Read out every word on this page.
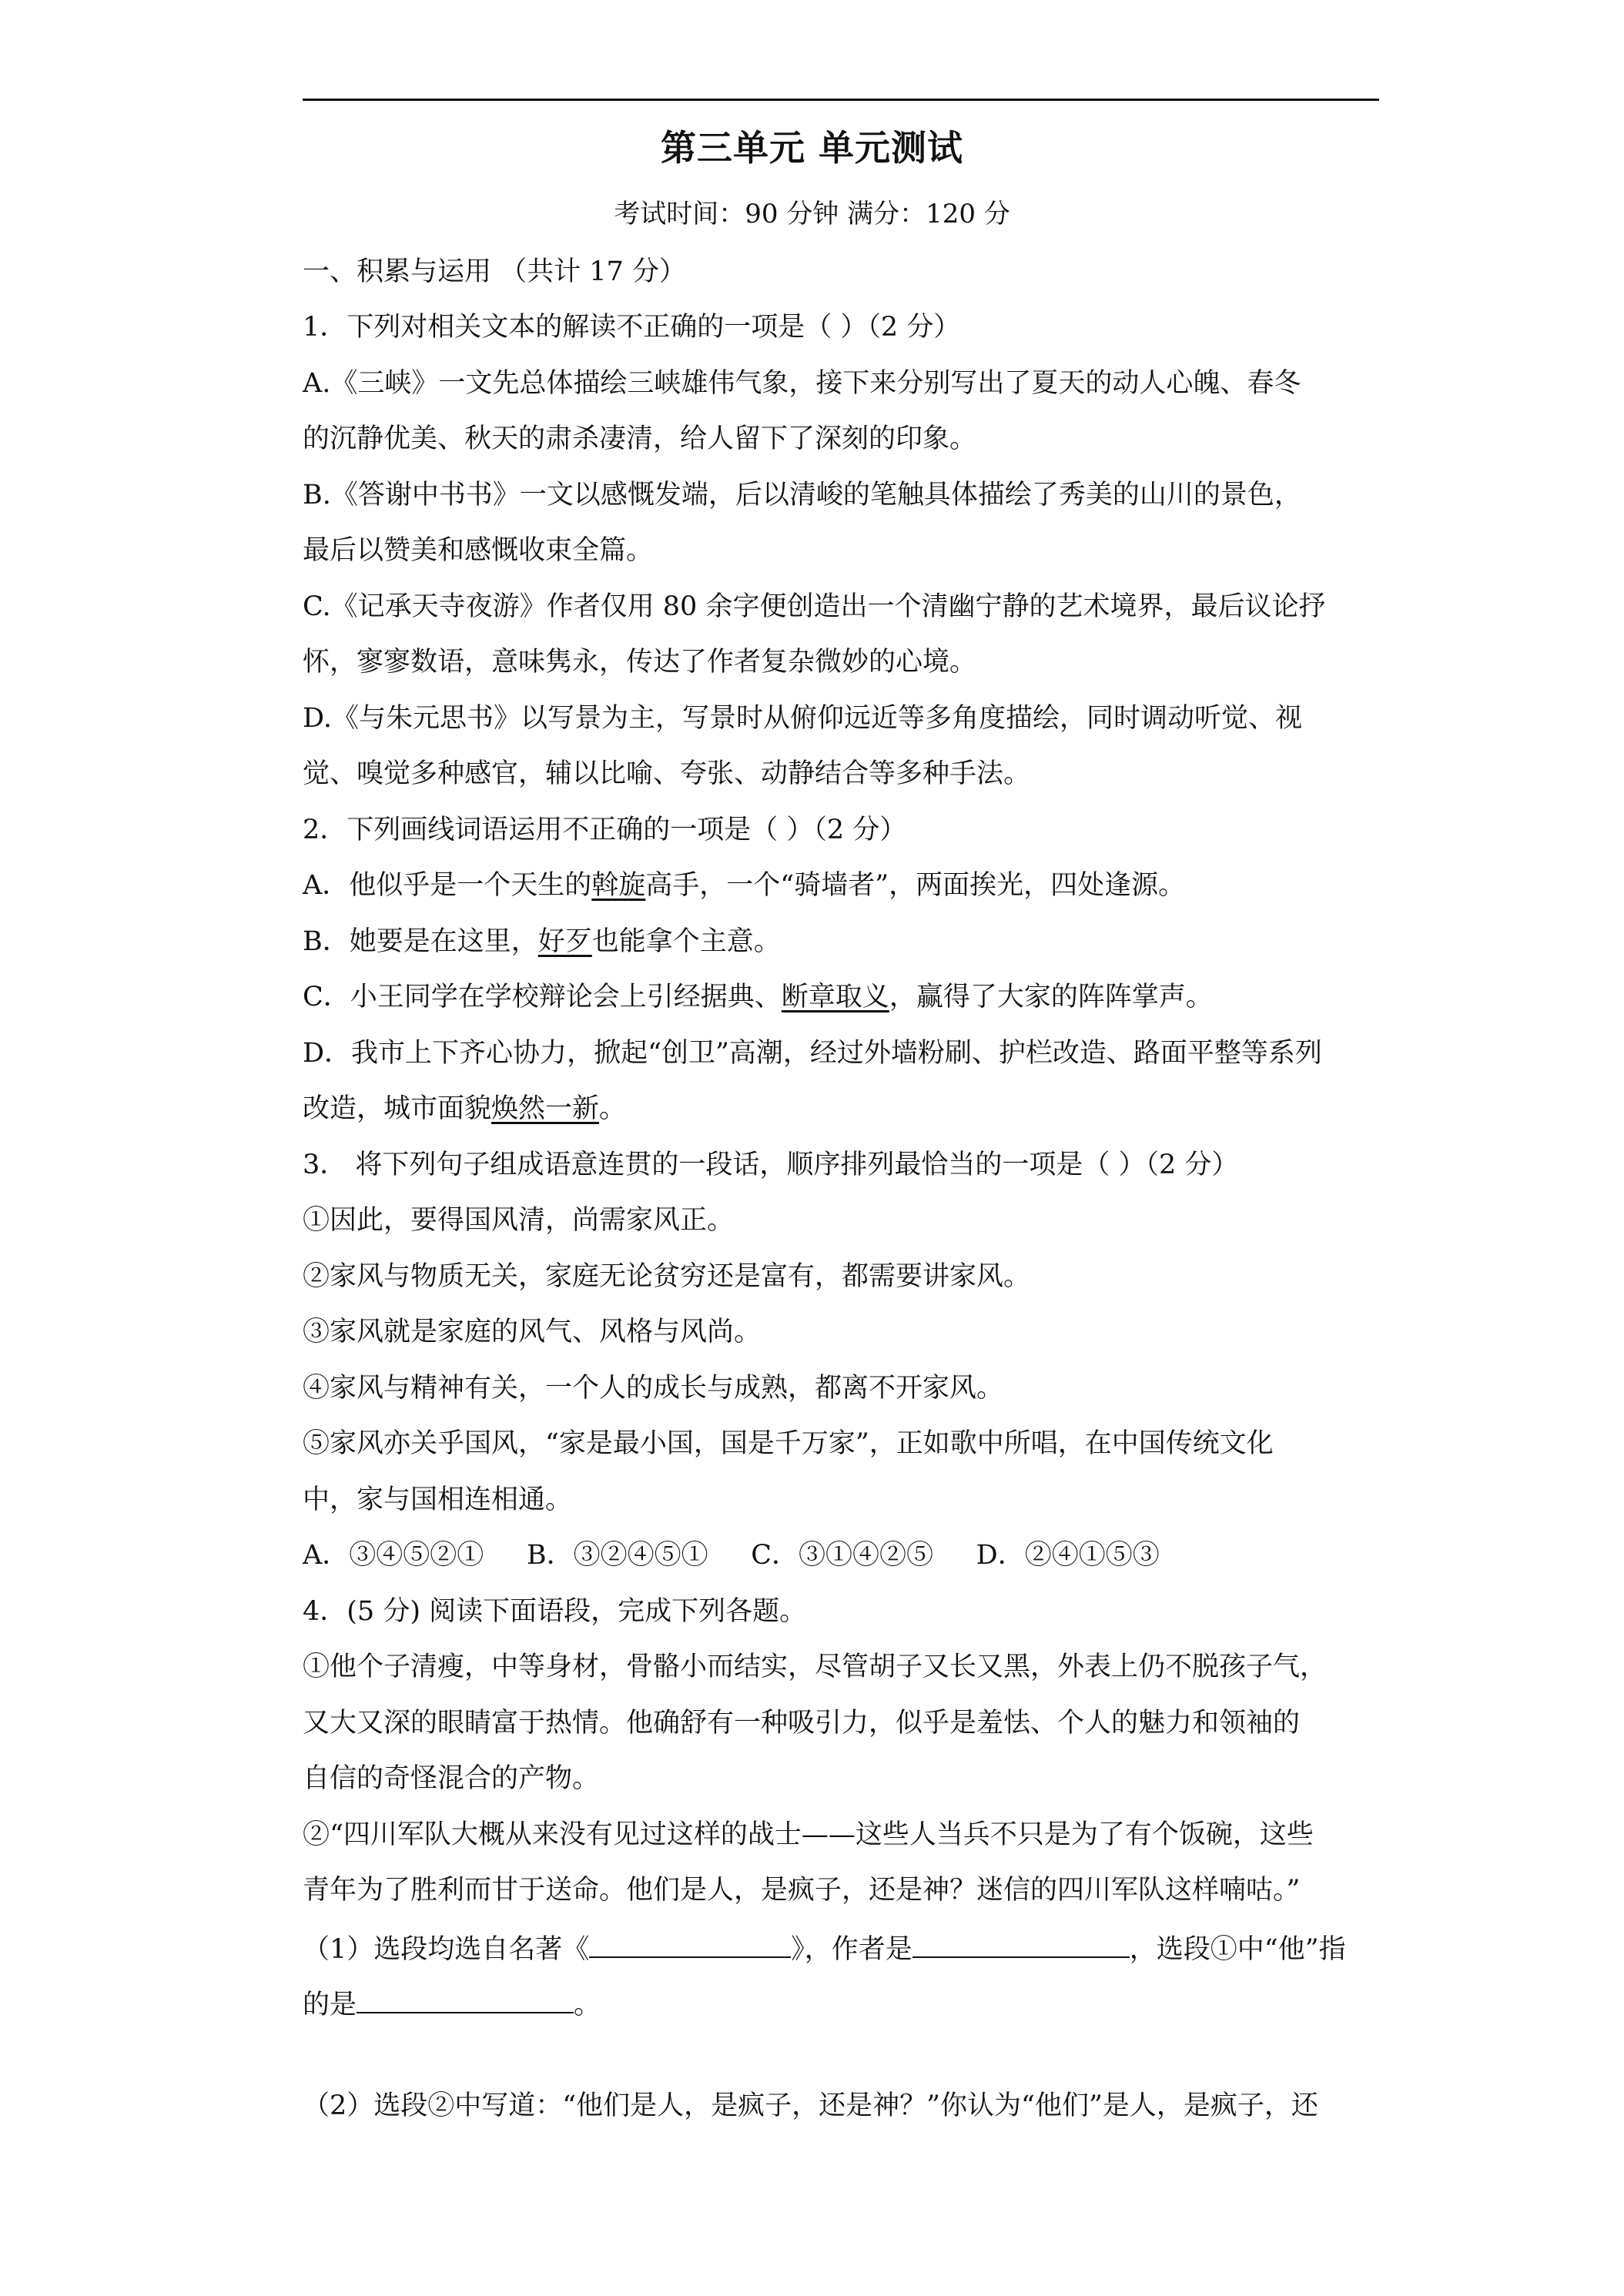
第三单元 单元测试
考试时间：90 分钟 满分：120 分
一、积累与运用 （共计 17 分）
1．下列对相关文本的解读不正确的一项是（ ）（2 分）
A.《三峡》一文先总体描绘三峡雄伟气象，接下来分别写出了夏天的动人心魄、春冬
的沉静优美、秋天的肃杀凄清，给人留下了深刻的印象。
B.《答谢中书书》一文以感慨发端，后以清峻的笔触具体描绘了秀美的山川的景色，
最后以赞美和感慨收束全篇。
C.《记承天寺夜游》作者仅用 80 余字便创造出一个清幽宁静的艺术境界，最后议论抒
怀，寥寥数语，意味隽永，传达了作者复杂微妙的心境。
D.《与朱元思书》以写景为主，写景时从俯仰远近等多角度描绘，同时调动听觉、视
觉、嗅觉多种感官，辅以比喻、夸张、动静结合等多种手法。
2．下列画线词语运用不正确的一项是（ ）（2 分）
A．他似乎是一个天生的斡旋高手，一个“骑墙者”，两面挨光，四处逢源。
B．她要是在这里，好歹也能拿个主意。
C．小王同学在学校辩论会上引经据典、断章取义，赢得了大家的阵阵掌声。
D．我市上下齐心协力，掀起“创卫”高潮，经过外墙粉刷、护栏改造、路面平整等系列
改造，城市面貌焕然一新。
3． 将下列句子组成语意连贯的一段话，顺序排列最恰当的一项是（ ）（2 分）
①因此，要得国风清，尚需家风正。
②家风与物质无关，家庭无论贫穷还是富有，都需要讲家风。
③家风就是家庭的风气、风格与风尚。
④家风与精神有关，一个人的成长与成熟，都离不开家风。
⑤家风亦关乎国风，“家是最小国，国是千万家”，正如歌中所唱，在中国传统文化
中，家与国相连相通。
A．③④⑤②①     B．③②④⑤①     C．③①④②⑤     D．②④①⑤③
4．(5 分) 阅读下面语段，完成下列各题。
①他个子清瘦，中等身材，骨骼小而结实，尽管胡子又长又黑，外表上仍不脱孩子气，
又大又深的眼睛富于热情。他确舒有一种吸引力，似乎是羞怯、个人的魅力和领袖的
自信的奇怪混合的产物。
②“四川军队大概从来没有见过这样的战士——这些人当兵不只是为了有个饭碗，这些
青年为了胜利而甘于送命。他们是人，是疯子，还是神？迷信的四川军队这样喃咕。”
（1）选段均选自名著《	》，作者是	，选段①中“他”指
的是	。
（2）选段②中写道：“他们是人，是疯子，还是神？”你认为“他们”是人，是疯子，还
